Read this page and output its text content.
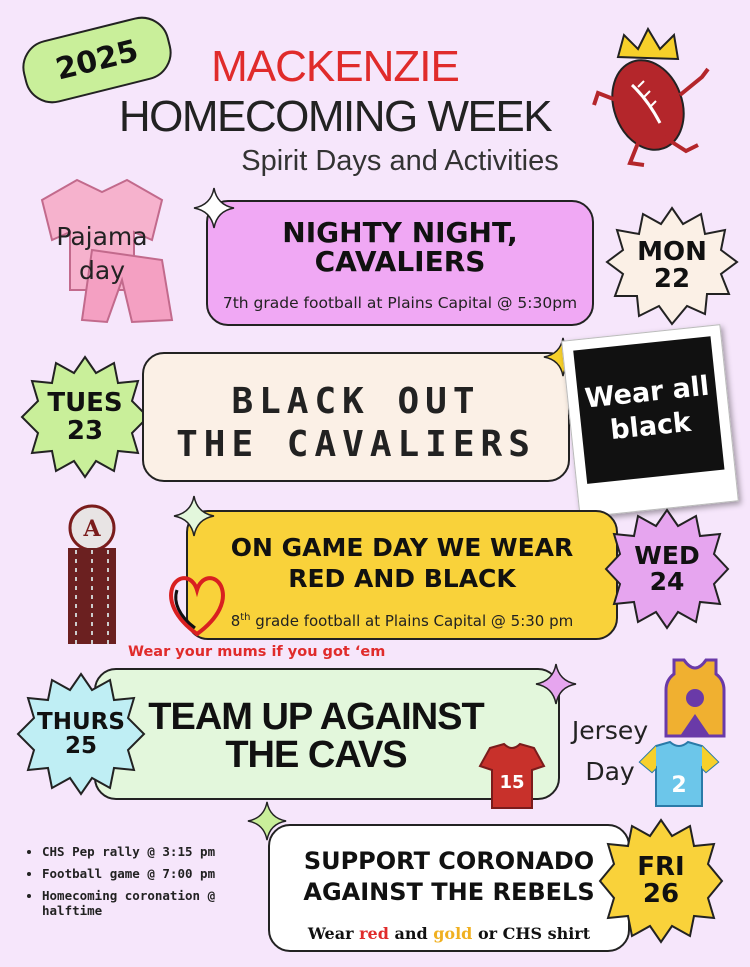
2025	MACKENZIE
HOMECOMING WEEK
Spirit Days and Activities
Pajama
day
NIGHTY NIGHT,
CAVALIERS
7th grade football at Plains Capital @ 5:30pm
MON
22
TUES
23
BLACK OUT
THE CAVALIERS
Wear all
black
A
ON GAME DAY WE WEAR
RED AND BLACK
8th grade football at Plains Capital @ 5:30 pm
WED
24
Wear your mums if you got ‘em
TEAM UP AGAINST
THE CAVS
THURS
25
15
Jersey
Day	2
• CHS Pep rally @ 3:15 pm
• Football game @ 7:00 pm
• Homecoming coronation @ halftime
SUPPORT CORONADO
AGAINST THE REBELS
Wear red and gold or CHS shirt
FRI
26
